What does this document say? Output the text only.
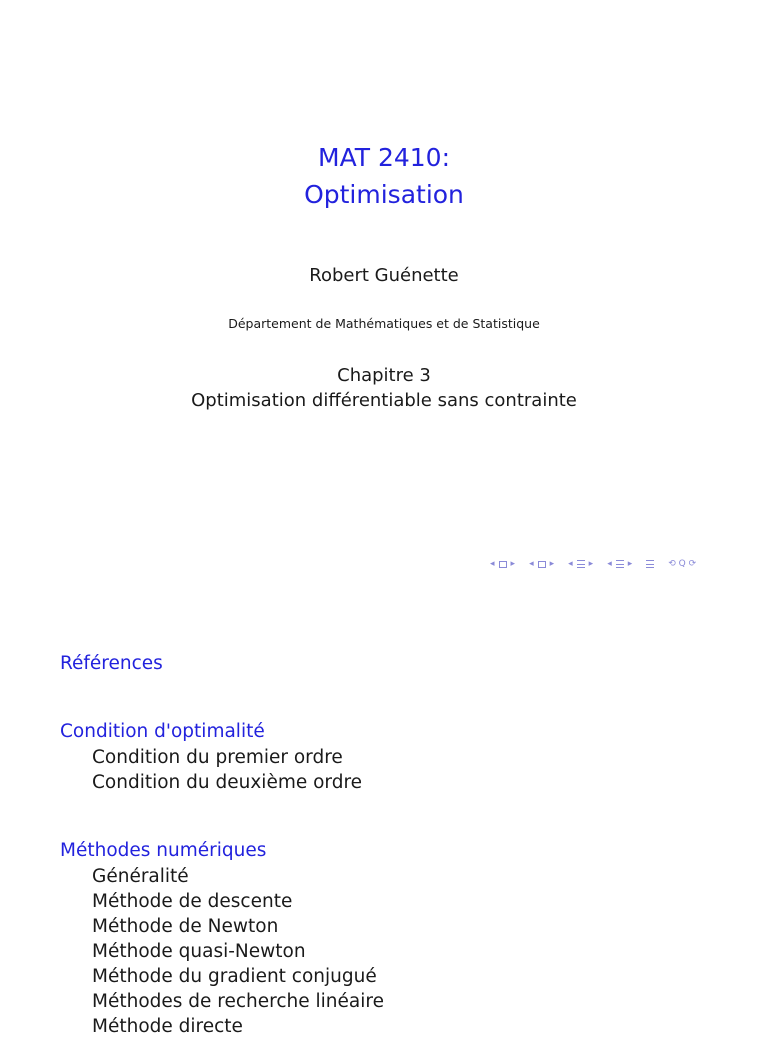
MAT 2410:
Optimisation
Robert Guénette
Département de Mathématiques et de Statistique
Chapitre 3
Optimisation différentiable sans contrainte
◂ ▸ ◂ ▸ ◂ ▸ ◂ ▸	⟲ Q ⟳
Références
Condition d'optimalité
Condition du premier ordre
Condition du deuxième ordre
Méthodes numériques
Généralité
Méthode de descente
Méthode de Newton
Méthode quasi-Newton
Méthode du gradient conjugué
Méthodes de recherche linéaire
Méthode directe
